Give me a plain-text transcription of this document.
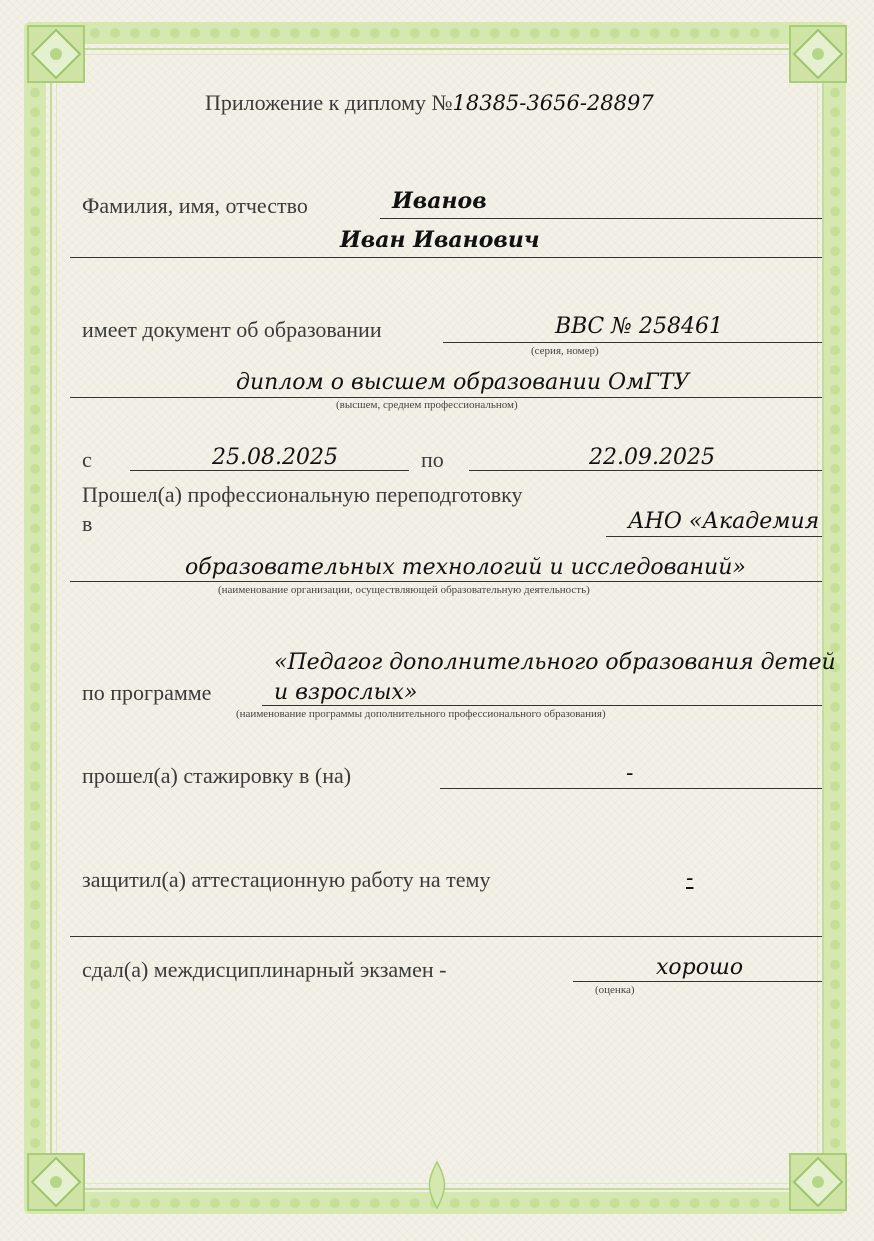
Приложение к диплому №18385-3656-28897
Фамилия, имя, отчество	Иванов
Иван Иванович
имеет документ об образовании	ВВС № 258461
(серия, номер)
диплом о высшем образовании ОмГТУ
(высшем, среднем профессиональном)
с	25.08.2025	по	22.09.2025
Прошел(а) профессиональную переподготовку
в	АНО «Академия
образовательных технологий и исследований»
(наименование организации, осуществляющей образовательную деятельность)
«Педагог дополнительного образования детей
по программе	и взрослых»
(наименование программы дополнительного профессионального образования)
прошел(а) стажировку в (на)	-
защитил(а) аттестационную работу на тему	-
сдал(а) междисциплинарный экзамен -	хорошо
(оценка)
